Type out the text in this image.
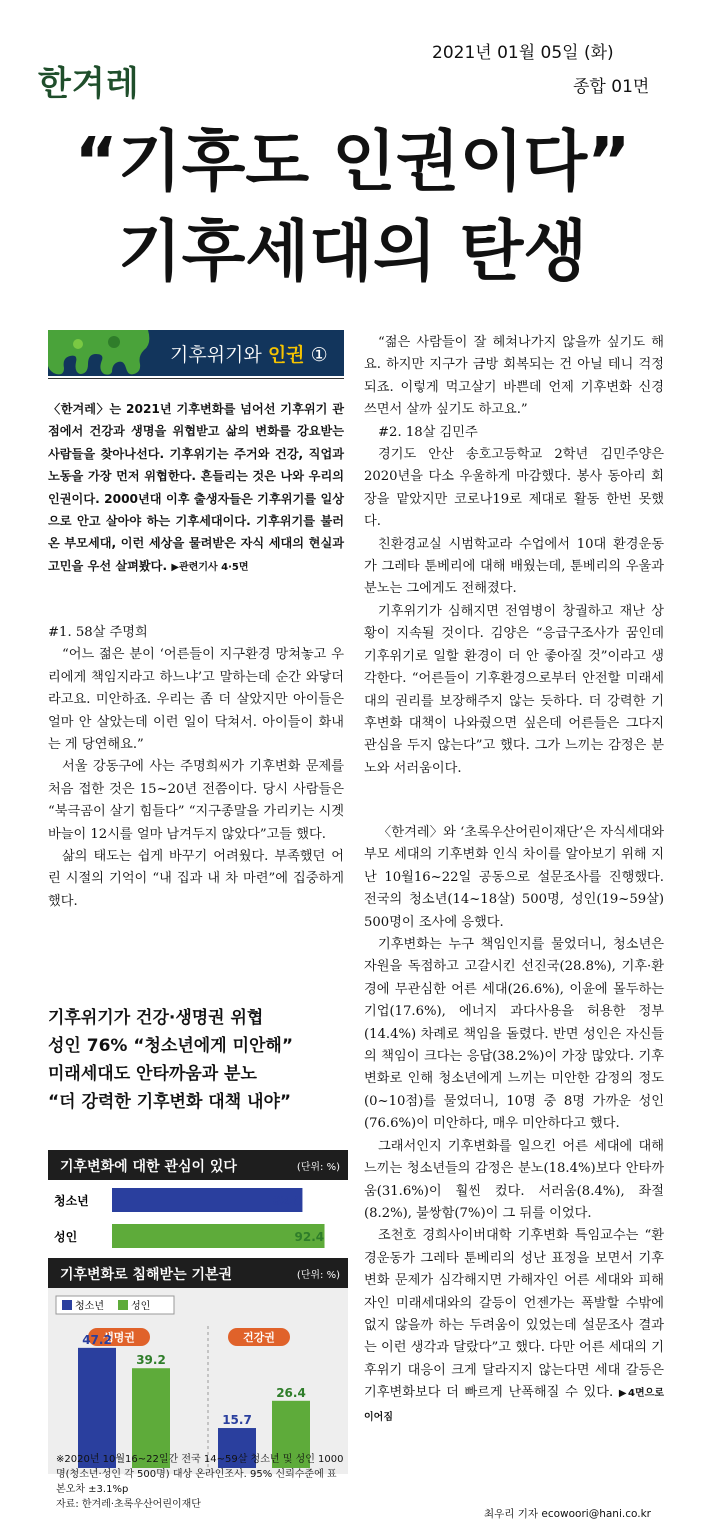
한겨레
2021년 01월 05일 (화)
종합 01면
“기후도 인권이다”
기후세대의 탄생
기후위기와 인권 ①
〈한겨레〉는 2021년 기후변화를 넘어선 기후위기 관점에서 건강과 생명을 위협받고 삶의 변화를 강요받는 사람들을 찾아나선다. 기후위기는 주거와 건강, 직업과 노동을 가장 먼저 위협한다. 흔들리는 것은 나와 우리의 인권이다. 2000년대 이후 출생자들은 기후위기를 일상으로 안고 살아야 하는 기후세대이다. 기후위기를 불러온 부모세대, 이런 세상을 물려받은 자식 세대의 현실과 고민을 우선 살펴봤다. ▶관련기사 4·5면

#1. 58살 주명희

“어느 젊은 분이 ‘어른들이 지구환경 망쳐놓고 우리에게 책임지라고 하느냐’고 말하는데 순간 와닿더라고요. 미안하죠. 우리는 좀 더 살았지만 아이들은 얼마 안 살았는데 이런 일이 닥쳐서. 아이들이 화내는 게 당연해요.”

서울 강동구에 사는 주명희씨가 기후변화 문제를 처음 접한 것은 15~20년 전쯤이다. 당시 사람들은 “북극곰이 살기 힘들다” “지구종말을 가리키는 시곗바늘이 12시를 얼마 남겨두지 않았다”고들 했다.

삶의 태도는 쉽게 바꾸기 어려웠다. 부족했던 어린 시절의 기억이 “내 집과 내 차 마련”에 집중하게 했다.

기후위기가 건강·생명권 위협
성인 76% “청소년에게 미안해”
미래세대도 안타까움과 분노
“더 강력한 기후변화 대책 내야”
기후변화에 대한 관심이 있다	(단위: %)
청소년	82.8
성인	92.4
기후변화로 침해받는 기본권	(단위: %)
청소년	성인
생명권
47.2
39.2
건강권
15.7
26.4
※2020년 10월16~22일간 전국 14~59살 청소년 및 성인 1000명(청소년·성인 각 500명) 대상 온라인조사. 95% 신뢰수준에 표본오차 ±3.1%p
자료: 한겨레·초록우산어린이재단

“젊은 사람들이 잘 헤쳐나가지 않을까 싶기도 해요. 하지만 지구가 금방 회복되는 건 아닐 테니 걱정되죠. 이렇게 먹고살기 바쁜데 언제 기후변화 신경 쓰면서 살까 싶기도 하고요.”

#2. 18살 김민주

경기도 안산 송호고등학교 2학년 김민주양은 2020년을 다소 우울하게 마감했다. 봉사 동아리 회장을 맡았지만 코로나19로 제대로 활동 한번 못했다.

친환경교실 시범학교라 수업에서 10대 환경운동가 그레타 툰베리에 대해 배웠는데, 툰베리의 우울과 분노는 그에게도 전해졌다.

기후위기가 심해지면 전염병이 창궐하고 재난 상황이 지속될 것이다. 김양은 “응급구조사가 꿈인데 기후위기로 일할 환경이 더 안 좋아질 것”이라고 생각한다. “어른들이 기후환경으로부터 안전할 미래세대의 권리를 보장해주지 않는 듯하다. 더 강력한 기후변화 대책이 나와줬으면 싶은데 어른들은 그다지 관심을 두지 않는다”고 했다. 그가 느끼는 감정은 분노와 서러움이다.

〈한겨레〉와 ‘초록우산어린이재단’은 자식세대와 부모 세대의 기후변화 인식 차이를 알아보기 위해 지난 10월16~22일 공동으로 설문조사를 진행했다. 전국의 청소년(14~18살) 500명, 성인(19~59살) 500명이 조사에 응했다.

기후변화는 누구 책임인지를 물었더니, 청소년은 자원을 독점하고 고갈시킨 선진국(28.8%), 기후·환경에 무관심한 어른 세대(26.6%), 이윤에 몰두하는 기업(17.6%), 에너지 과다사용을 허용한 정부(14.4%) 차례로 책임을 돌렸다. 반면 성인은 자신들의 책임이 크다는 응답(38.2%)이 가장 많았다. 기후변화로 인해 청소년에게 느끼는 미안한 감정의 정도(0~10점)를 물었더니, 10명 중 8명 가까운 성인(76.6%)이 미안하다, 매우 미안하다고 했다.

그래서인지 기후변화를 일으킨 어른 세대에 대해 느끼는 청소년들의 감정은 분노(18.4%)보다 안타까움(31.6%)이 훨씬 컸다. 서러움(8.4%), 좌절(8.2%), 불쌍함(7%)이 그 뒤를 이었다.

조천호 경희사이버대학 기후변화 특임교수는 “환경운동가 그레타 툰베리의 성난 표정을 보면서 기후변화 문제가 심각해지면 가해자인 어른 세대와 피해자인 미래세대와의 갈등이 언젠가는 폭발할 수밖에 없지 않을까 하는 두려움이 있었는데 설문조사 결과는 이런 생각과 달랐다”고 했다. 다만 어른 세대의 기후위기 대응이 크게 달라지지 않는다면 세대 갈등은 기후변화보다 더 빠르게 난폭해질 수 있다. ▶4면으로 이어짐

최우리 기자 ecowoori@hani.co.kr
